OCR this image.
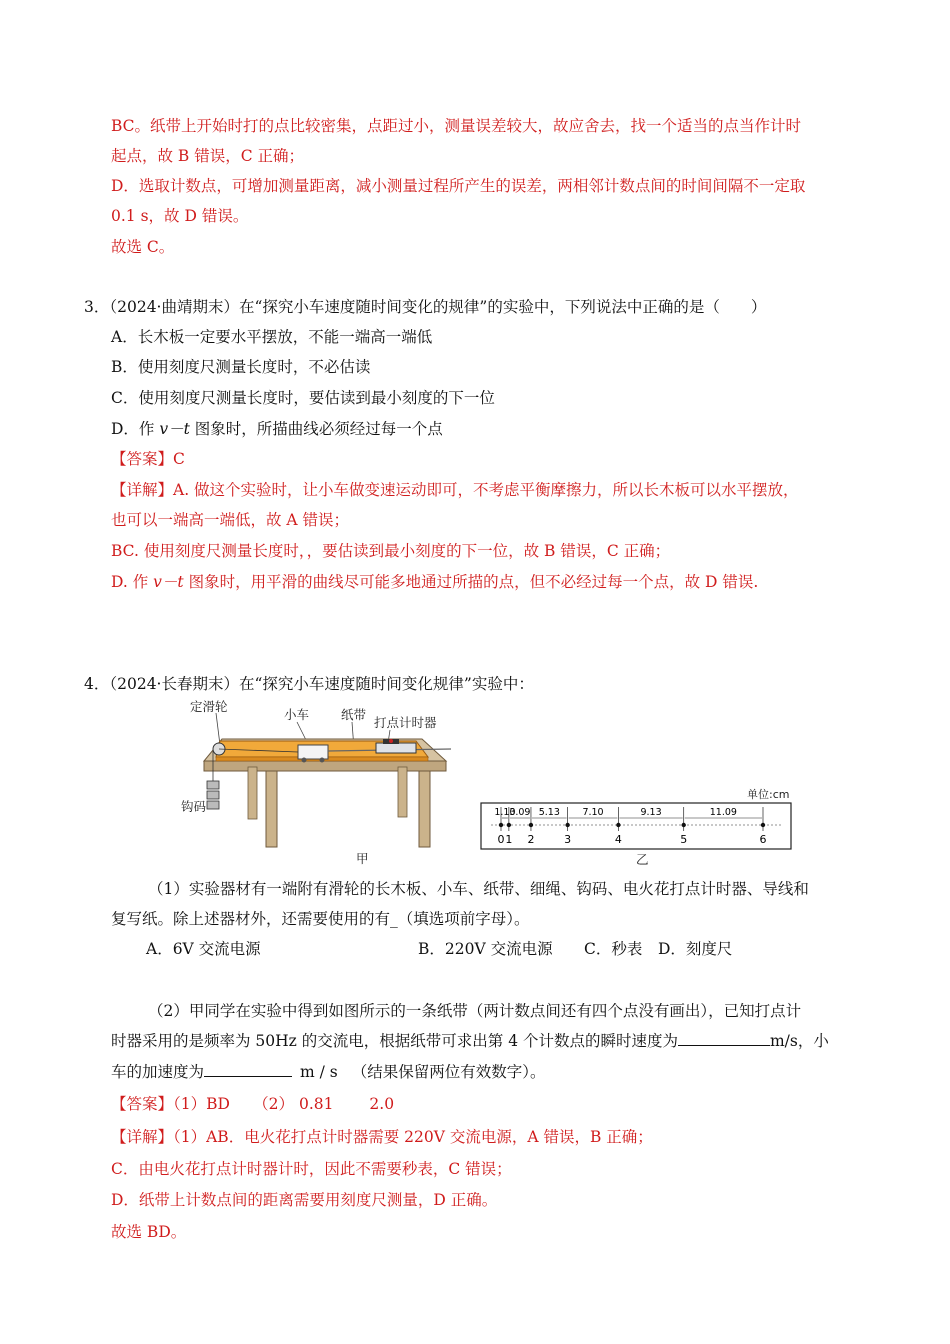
BC。纸带上开始时打的点比较密集，点距过小，测量误差较大，故应舍去，找一个适当的点当作计时
起点，故 B 错误，C 正确；
D．选取计数点，可增加测量距离，减小测量过程所产生的误差，两相邻计数点间的时间间隔不一定取
0.1 s，故 D 错误。
故选 C。
3．（2024·曲靖期末）在“探究小车速度随时间变化的规律”的实验中，下列说法中正确的是（　　）
A．长木板一定要水平摆放，不能一端高一端低
B．使用刻度尺测量长度时，不必估读
C．使用刻度尺测量长度时，要估读到最小刻度的下一位
D．作 v－t 图象时，所描曲线必须经过每一个点
【答案】C
【详解】A. 做这个实验时，让小车做变速运动即可，不考虑平衡摩擦力，所以长木板可以水平摆放，
也可以一端高一端低，故 A 错误；
BC. 使用刻度尺测量长度时，，要估读到最小刻度的下一位，故 B 错误，C 正确；
D. 作 v－t 图象时，用平滑的曲线尽可能多地通过所描的点，但不必经过每一个点，故 D 错误.
4．（2024·长春期末）在“探究小车速度随时间变化规律”实验中：
定滑轮
小车	纸带
打点计时器
钩码
甲
单位:cm
0 1 2	3	4	5	6
1.10
3.09 5.13 7.10	9.13	11.09
乙
（1）实验器材有一端附有滑轮的长木板、小车、纸带、细绳、钩码、电火花打点计时器、导线和
复写纸。除上述器材外，还需要使用的有_（填选项前字母）。
A．6V 交流电源	B．220V 交流电源 C．秒表 D．刻度尺
（2）甲同学在实验中得到如图所示的一条纸带（两计数点间还有四个点没有画出），已知打点计
时器采用的是频率为 50Hz 的交流电，根据纸带可求出第 4 个计数点的瞬时速度为	m/s，小
车的加速度为	m / s （结果保留两位有效数字）。
【答案】（1）BD　　（2） 0.81　　 2.0
【详解】（1）AB．电火花打点计时器需要 220V 交流电源，A 错误，B 正确；
C．由电火花打点计时器计时，因此不需要秒表，C 错误；
D．纸带上计数点间的距离需要用刻度尺测量，D 正确。
故选 BD。
